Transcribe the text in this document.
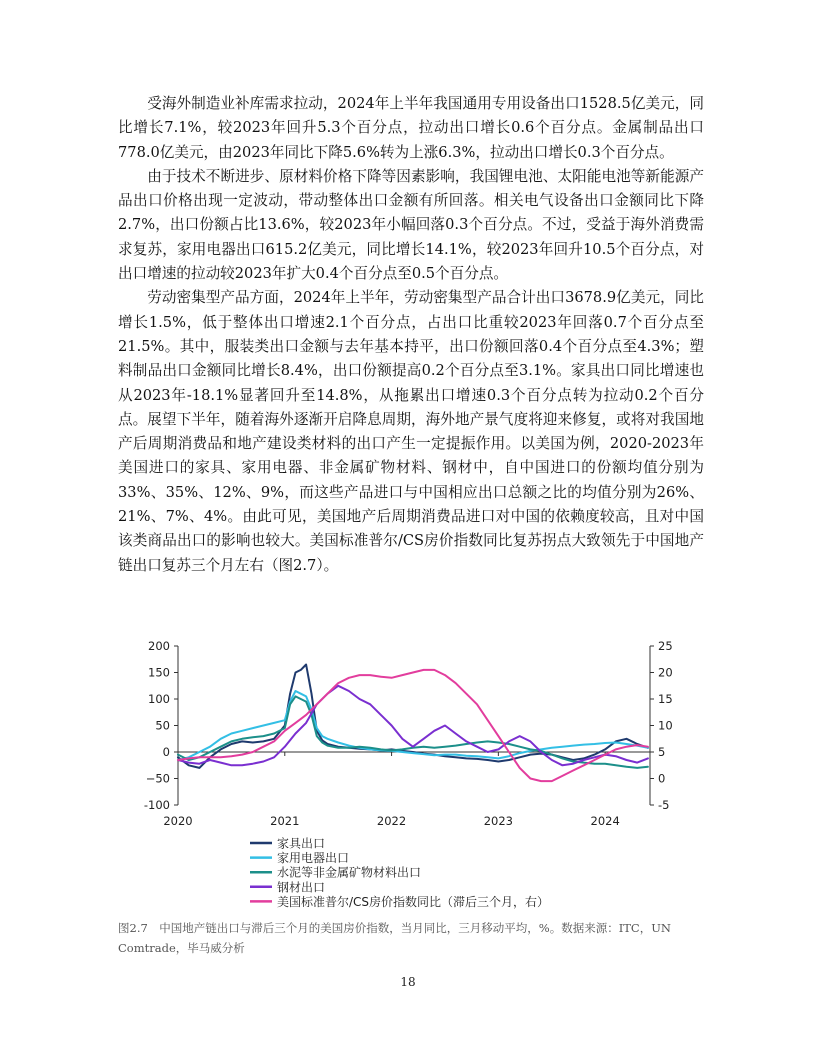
受海外制造业补库需求拉动，2024年上半年我国通用专用设备出口1528.5亿美元，同比增长7.1%，较2023年回升5.3个百分点，拉动出口增长0.6个百分点。金属制品出口778.0亿美元，由2023年同比下降5.6%转为上涨6.3%，拉动出口增长0.3个百分点。

由于技术不断进步、原材料价格下降等因素影响，我国锂电池、太阳能电池等新能源产品出口价格出现一定波动，带动整体出口金额有所回落。相关电气设备出口金额同比下降2.7%，出口份额占比13.6%，较2023年小幅回落0.3个百分点。不过，受益于海外消费需求复苏，家用电器出口615.2亿美元，同比增长14.1%，较2023年回升10.5个百分点，对出口增速的拉动较2023年扩大0.4个百分点至0.5个百分点。

劳动密集型产品方面，2024年上半年，劳动密集型产品合计出口3678.9亿美元，同比增长1.5%，低于整体出口增速2.1个百分点，占出口比重较2023年回落0.7个百分点至21.5%。其中，服装类出口金额与去年基本持平，出口份额回落0.4个百分点至4.3%；塑料制品出口金额同比增长8.4%，出口份额提高0.2个百分点至3.1%。家具出口同比增速也从2023年-18.1%显著回升至14.8%，从拖累出口增速0.3个百分点转为拉动0.2个百分点。展望下半年，随着海外逐渐开启降息周期，海外地产景气度将迎来修复，或将对我国地产后周期消费品和地产建设类材料的出口产生一定提振作用。以美国为例，2020-2023年美国进口的家具、家用电器、非金属矿物材料、钢材中，自中国进口的份额均值分别为33%、35%、12%、9%，而这些产品进口与中国相应出口总额之比的均值分别为26%、21%、7%、4%。由此可见，美国地产后周期消费品进口对中国的依赖度较高，且对中国该类商品出口的影响也较大。美国标准普尔/CS房价指数同比复苏拐点大致领先于中国地产链出口复苏三个月左右（图2.7）。

-100
−50
0
50
100
150
200
-5
0
5
10
15
20
25
2020	2021	2022	2023	2024
家具出口
家用电器出口
水泥等非金属矿物材料出口
钢材出口
美国标准普尔/CS房价指数同比（滞后三个月，右）
图2.7　中国地产链出口与滞后三个月的美国房价指数，当月同比，三月移动平均，%。数据来源：ITC，UN Comtrade，毕马威分析
18
